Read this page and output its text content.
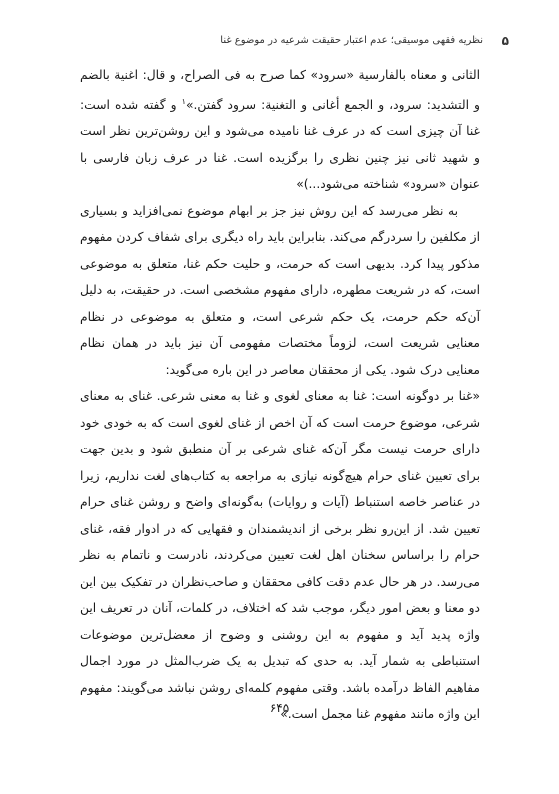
۵
نظریه فقهی موسیقی؛ عدم اعتبار حقیقت شرعیه در موضوع غنا

الثانی و معناه بالفارسیة «سرود» کما صرح به فی الصراح، و قال: اغنیة بالضم و التشدید: سرود، و الجمع أغانی و التغنیة: سرود گفتن.»$^۱$ و گفته شده است: غنا آن چیزی است که در عرف غنا نامیده می‌شود و این روشن‌ترین نظر است و شهید ثانی نیز چنین نظری را برگزیده است. غنا در عرف زبان فارسی با عنوان «سرود» شناخته می‌شود...)»

به نظر می‌رسد که این روش نیز جز بر ابهام موضوع نمی‌افزاید و بسیاری از مکلفین را سردرگم می‌کند. بنابراین باید راه دیگری برای شفاف کردن مفهوم مذکور پیدا کرد. بدیهی است که حرمت، و حلیت حکم غنا، متعلق به موضوعی است، که در شریعت مطهره، دارای مفهوم مشخصی است. در حقیقت، به دلیل آن‌که حکم حرمت، یک حکم شرعی است، و متعلق به موضوعی در نظام معنایی شریعت است، لزوماً مختصات مفهومی آن نیز باید در همان نظام معنایی درک شود. یکی از محققان معاصر در این باره می‌گوید:

«غنا بر دوگونه است: غنا به معنای لغوی و غنا به معنی شرعی. غنای به معنای شرعی، موضوع حرمت است که آن اخص از غنای لغوی است که به خودی خود دارای حرمت نیست مگر آن‌که غنای شرعی بر آن منطبق شود و بدین جهت برای تعیین غنای حرام هیچ‌گونه نیازی به مراجعه به کتاب‌های لغت نداریم، زیرا در عناصر خاصه استنباط (آیات و روایات) به‌گونه‌ای واضح و روشن غنای حرام تعیین شد. از این‌رو نظر برخی از اندیشمندان و فقهایی که در ادوار فقه، غنای حرام را براساس سخنان اهل لغت تعیین می‌کردند، نادرست و ناتمام به نظر می‌رسد. در هر حال عدم دقت کافی محققان و صاحب‌نظران در تفکیک بین این دو معنا و بعض امور دیگر، موجب شد که اختلاف، در کلمات، آنان در تعریف این واژه پدید آید و مفهوم به این روشنی و وضوح از معضل‌ترین موضوعات استنباطی به شمار آید. به حدی که تبدیل به یک ضرب‌المثل در مورد اجمال مفاهیم الفاظ درآمده باشد. وقتی مفهوم کلمه‌ای روشن نباشد می‌گویند: مفهوم این واژه مانند مفهوم غنا مجمل است.»

۶۴۵
